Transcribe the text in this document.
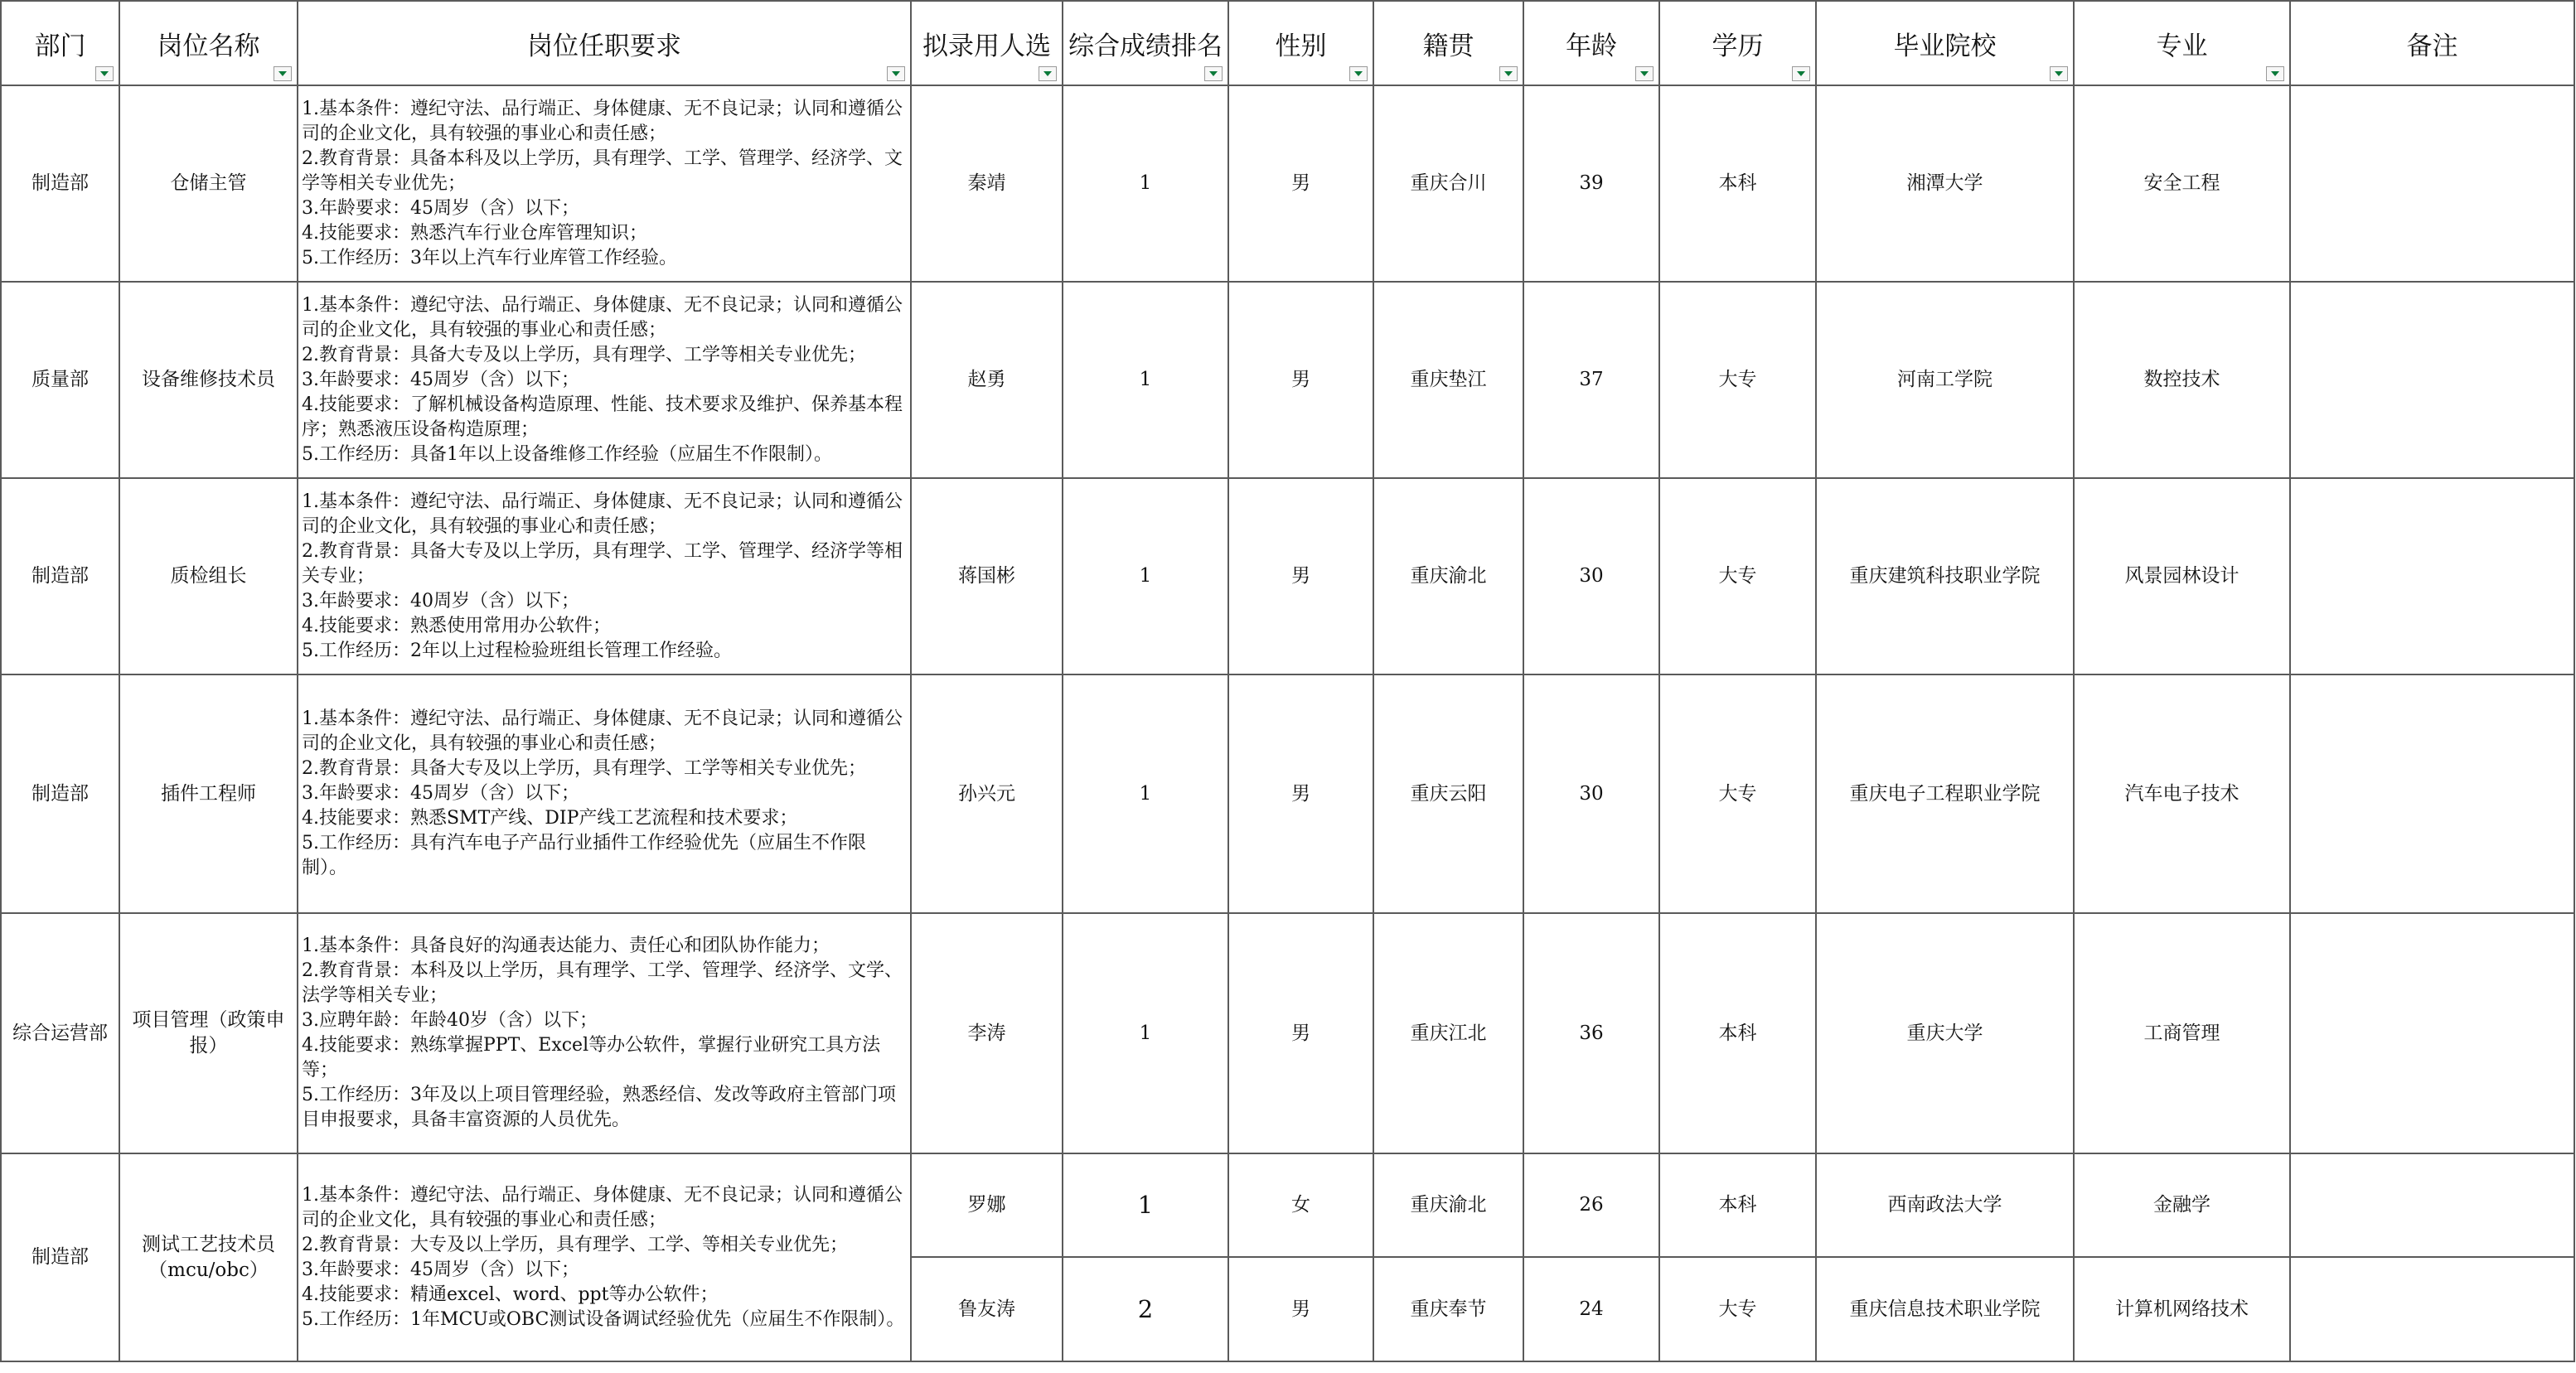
部门	岗位名称	岗位任职要求	拟录用人选	综合成绩排名	性别	籍贯	年龄	学历	毕业院校	专业	备注

制造部	仓储主管	1.基本条件：遵纪守法、品行端正、身体健康、无不良记录；认同和遵循公司的企业文化，具有较强的事业心和责任感；
2.教育背景：具备本科及以上学历，具有理学、工学、管理学、经济学、文学等相关专业优先；
3.年龄要求：45周岁（含）以下；
4.技能要求：熟悉汽车行业仓库管理知识；
5.工作经历：3年以上汽车行业库管工作经验。	秦靖	1	男	重庆合川	39	本科	湘潭大学	安全工程	
质量部	设备维修技术员	1.基本条件：遵纪守法、品行端正、身体健康、无不良记录；认同和遵循公司的企业文化，具有较强的事业心和责任感；
2.教育背景：具备大专及以上学历，具有理学、工学等相关专业优先；
3.年龄要求：45周岁（含）以下；
4.技能要求：了解机械设备构造原理、性能、技术要求及维护、保养基本程序；熟悉液压设备构造原理；
5.工作经历：具备1年以上设备维修工作经验（应届生不作限制）。	赵勇	1	男	重庆垫江	37	大专	河南工学院	数控技术	
制造部	质检组长	1.基本条件：遵纪守法、品行端正、身体健康、无不良记录；认同和遵循公司的企业文化，具有较强的事业心和责任感；
2.教育背景：具备大专及以上学历，具有理学、工学、管理学、经济学等相关专业；
3.年龄要求：40周岁（含）以下；
4.技能要求：熟悉使用常用办公软件；
5.工作经历：2年以上过程检验班组长管理工作经验。	蒋国彬	1	男	重庆渝北	30	大专	重庆建筑科技职业学院	风景园林设计	
制造部	插件工程师	1.基本条件：遵纪守法、品行端正、身体健康、无不良记录；认同和遵循公司的企业文化，具有较强的事业心和责任感；
2.教育背景：具备大专及以上学历，具有理学、工学等相关专业优先；
3.年龄要求：45周岁（含）以下；
4.技能要求：熟悉SMT产线、DIP产线工艺流程和技术要求；
5.工作经历：具有汽车电子产品行业插件工作经验优先（应届生不作限制）。	孙兴元	1	男	重庆云阳	30	大专	重庆电子工程职业学院	汽车电子技术	
综合运营部	项目管理（政策申报）	1.基本条件：具备良好的沟通表达能力、责任心和团队协作能力；
2.教育背景：本科及以上学历，具有理学、工学、管理学、经济学、文学、法学等相关专业；
3.应聘年龄：年龄40岁（含）以下；
4.技能要求：熟练掌握PPT、Excel等办公软件，掌握行业研究工具方法等；
5.工作经历：3年及以上项目管理经验，熟悉经信、发改等政府主管部门项目申报要求，具备丰富资源的人员优先。	李涛	1	男	重庆江北	36	本科	重庆大学	工商管理	
制造部	测试工艺技术员（mcu/obc）	1.基本条件：遵纪守法、品行端正、身体健康、无不良记录；认同和遵循公司的企业文化，具有较强的事业心和责任感；
2.教育背景：大专及以上学历，具有理学、工学、等相关专业优先；
3.年龄要求：45周岁（含）以下；
4.技能要求：精通excel、word、ppt等办公软件；
5.工作经历：1年MCU或OBC测试设备调试经验优先（应届生不作限制）。	罗娜	1	女	重庆渝北	26	本科	西南政法大学	金融学	
			鲁友涛	2	男	重庆奉节	24	大专	重庆信息技术职业学院	计算机网络技术	
